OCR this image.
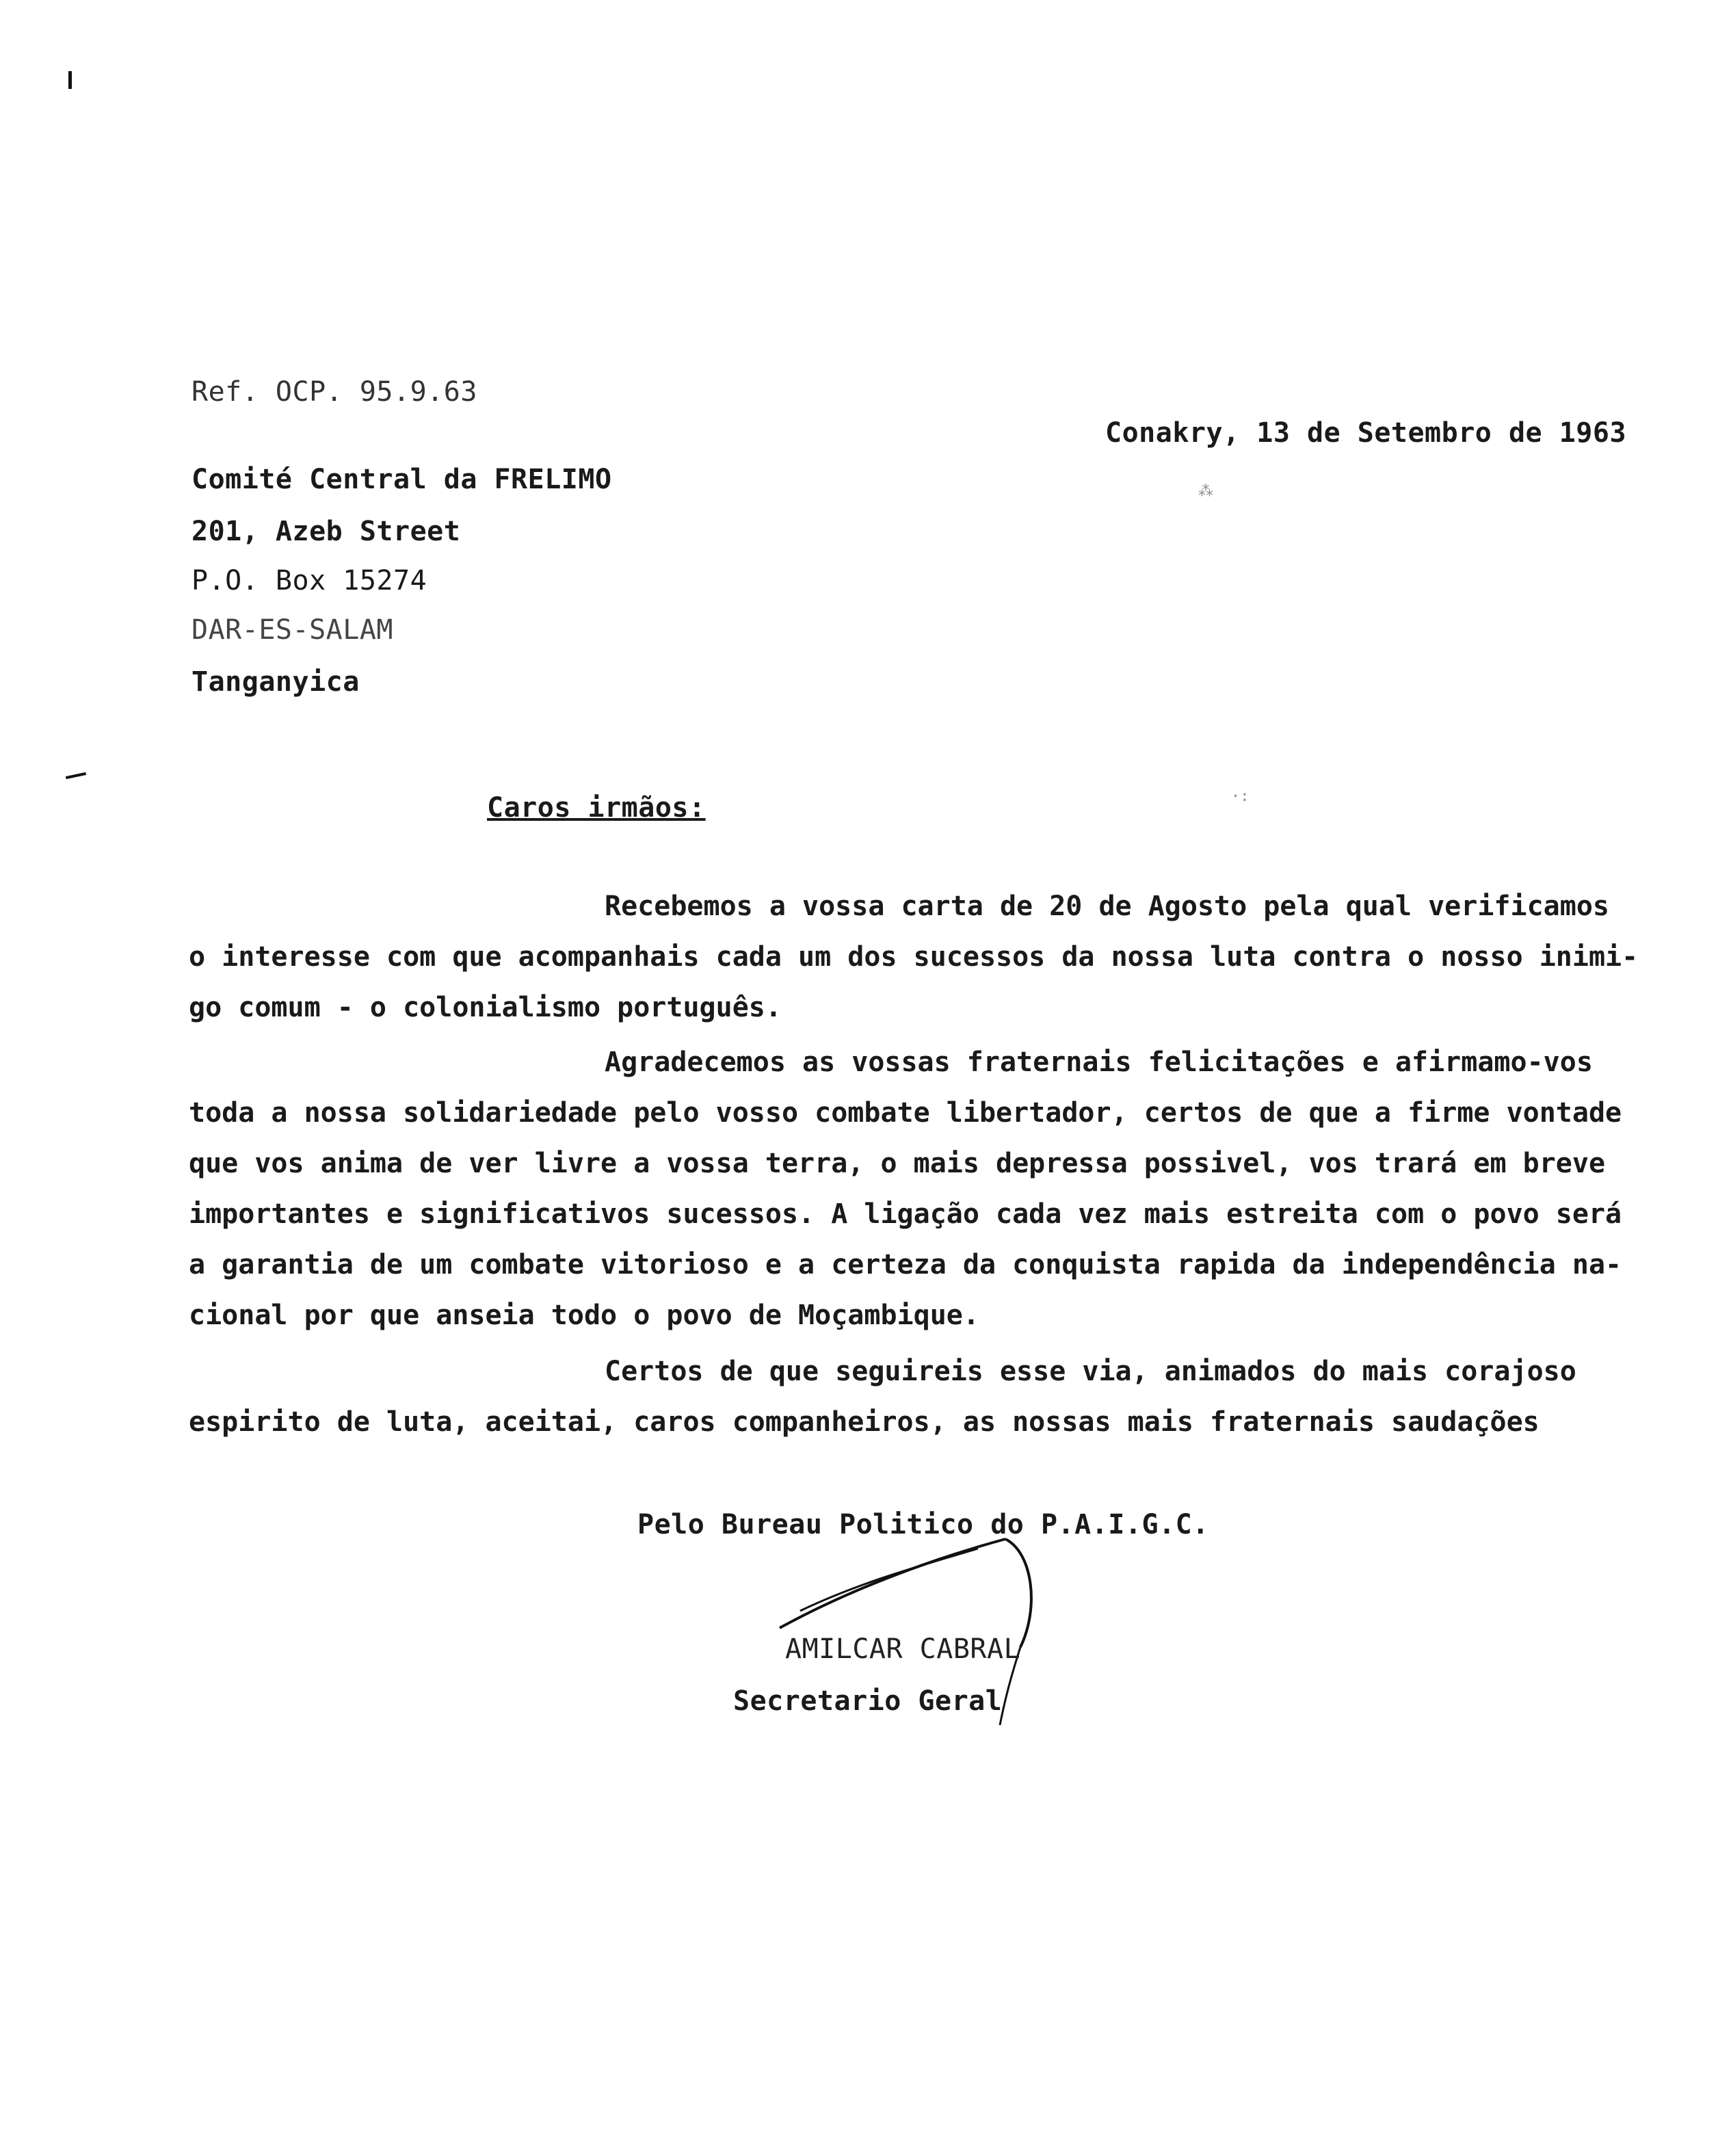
⁂
·:
Ref. OCP. 95.9.63
Conakry, 13 de Setembro de 1963
Comité Central da FRELIMO
201, Azeb Street
P.O. Box 15274
DAR-ES-SALAM
Tanganyica
Caros irmãos:
Recebemos a vossa carta de 20 de Agosto pela qual verificamos
o interesse com que acompanhais cada um dos sucessos da nossa luta contra o nosso inimi-
go comum - o colonialismo português.
Agradecemos as vossas fraternais felicitações e afirmamo-vos
toda a nossa solidariedade pelo vosso combate libertador, certos de que a firme vontade
que vos anima de ver livre a vossa terra, o mais depressa possivel, vos trará em breve
importantes e significativos sucessos. A ligação cada vez mais estreita com o povo será
a garantia de um combate vitorioso e a certeza da conquista rapida da independência na-
cional por que anseia todo o povo de Moçambique.
Certos de que seguireis esse via, animados do mais corajoso
espirito de luta, aceitai, caros companheiros, as nossas mais fraternais saudações
Pelo Bureau Politico do P.A.I.G.C.
AMILCAR CABRAL
Secretario Geral
